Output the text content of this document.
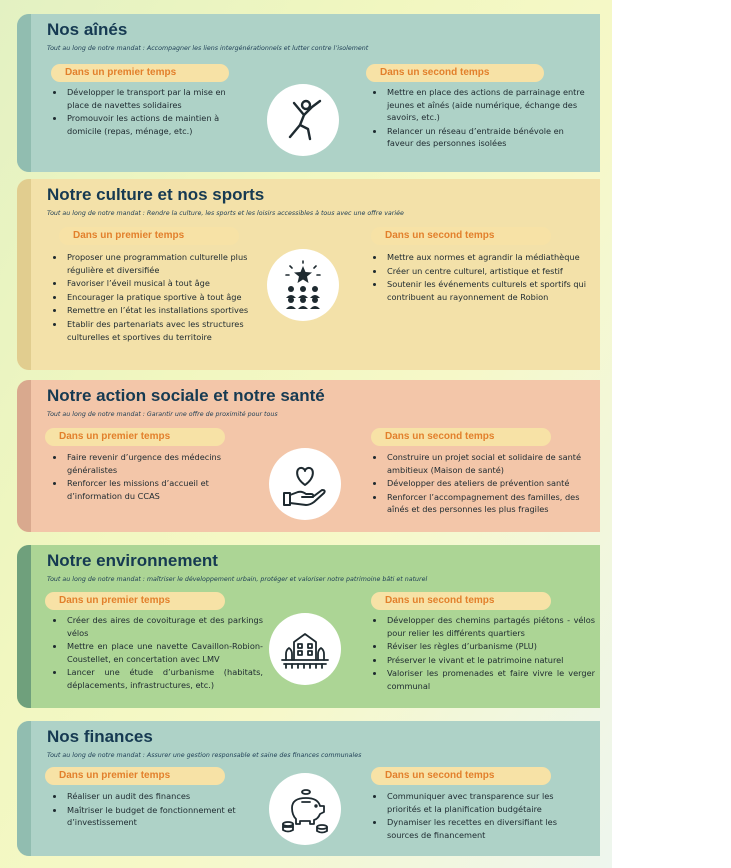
Nos aînés
Tout au long de notre mandat : Accompagner les liens intergénérationnels et lutter contre l’isolement
Dans un premier temps	Dans un second temps
• Développer le transport par la mise en place de navettes solidaires
• Promouvoir les actions de maintien à domicile (repas, ménage, etc.)
• Mettre en place des actions de parrainage entre jeunes et aînés (aide numérique, échange des savoirs, etc.)
• Relancer un réseau d’entraide bénévole en faveur des personnes isolées
Notre culture et nos sports
Tout au long de notre mandat : Rendre la culture, les sports et les loisirs accessibles à tous avec une offre variée
Dans un premier temps	Dans un second temps
• Proposer une programmation culturelle plus régulière et diversifiée
• Favoriser l’éveil musical à tout âge
• Encourager la pratique sportive à tout âge
• Remettre en l’état les installations sportives
• Etablir des partenariats avec les structures culturelles et sportives du territoire
• Mettre aux normes et agrandir la médiathèque
• Créer un centre culturel, artistique et festif
• Soutenir les événements culturels et sportifs qui contribuent au rayonnement de Robion
Notre action sociale et notre santé
Tout au long de notre mandat : Garantir une offre de proximité pour tous
Dans un premier temps	Dans un second temps
• Faire revenir d’urgence des médecins généralistes
• Renforcer les missions d’accueil et d’information du CCAS
• Construire un projet social et solidaire de santé ambitieux (Maison de santé)
• Développer des ateliers de prévention santé
• Renforcer l’accompagnement des familles, des aînés et des personnes les plus fragiles
Notre environnement
Tout au long de notre mandat : maîtriser le développement urbain, protéger et valoriser notre patrimoine bâti et naturel
Dans un premier temps	Dans un second temps
• Créer des aires de covoiturage et des parkings vélos
• Mettre en place une navette Cavaillon-Robion-Coustellet, en concertation avec LMV
• Lancer une étude d’urbanisme (habitats, déplacements, infrastructures, etc.)
• Développer des chemins partagés piétons - vélos pour relier les différents quartiers
• Réviser les règles d’urbanisme (PLU)
• Préserver le vivant et le patrimoine naturel
• Valoriser les promenades et faire vivre le verger communal
Nos finances
Tout au long de notre mandat : Assurer une gestion responsable et saine des finances communales
Dans un premier temps	Dans un second temps
• Réaliser un audit des finances
• Maîtriser le budget de fonctionnement et d’investissement
• Communiquer avec transparence sur les priorités et la planification budgétaire
• Dynamiser les recettes en diversifiant les sources de financement
